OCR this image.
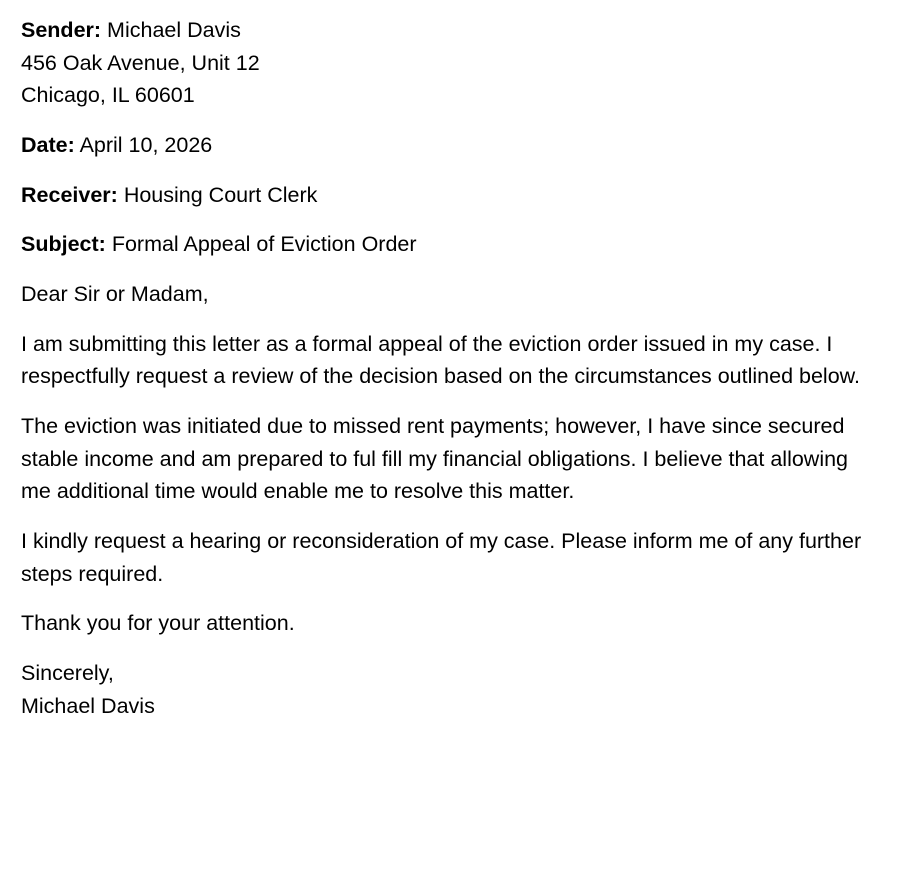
Sender: Michael Davis

456 Oak Avenue, Unit 12

Chicago, IL 60601

Date: April 10, 2026

Receiver: Housing Court Clerk

Subject: Formal Appeal of Eviction Order

Dear Sir or Madam,

I am submitting this letter as a formal appeal of the eviction order issued in my case. I respectfully request a review of the decision based on the circumstances outlined below.

The eviction was initiated due to missed rent payments; however, I have since secured stable income and am prepared to ful fill my financial obligations. I believe that allowing me additional time would enable me to resolve this matter.

I kindly request a hearing or reconsideration of my case. Please inform me of any further steps required.

Thank you for your attention.

Sincerely,

Michael Davis
